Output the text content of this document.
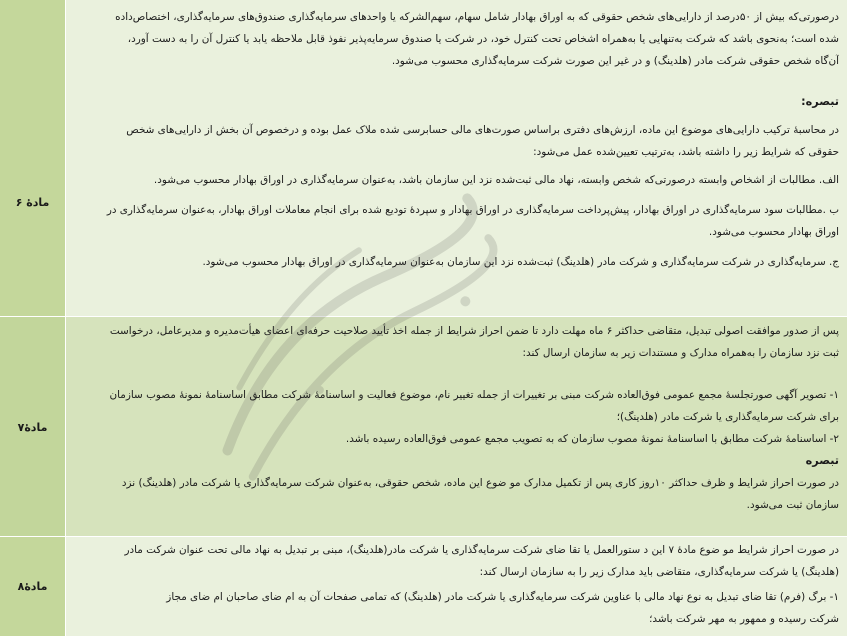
درصورتی‌که بیش از ۵۰درصد از دارایی‌های شخص حقوقی که به اوراق بهادار شامل سهام، سهم‌الشرکه یا واحدهای سرمایه‌گذاری صندوق‌های سرمایه‌گذاری، اختصاص‌داده

شده است؛ به‌نحوی باشد که شرکت به‌تنهایی یا به‌همراه اشخاص تحت کنترل خود، در شرکت یا صندوق سرمایه‌پذیر نفوذ قابل ملاحظه یابد یا کنترل آن را به دست آورد،

آن‌گاه شخص حقوقی شرکت مادر (هلدینگ) و در غیر این صورت شرکت سرمایه‌گذاری محسوب می‌شود.

تبصره:

در محاسبۀ ترکیب دارایی‌های موضوع این ماده، ارزش‌های دفتری براساس صورت‌های مالی حسابرسی شده ملاک عمل بوده و درخصوص آن بخش از دارایی‌های شخص

حقوقی که شرایط زیر را داشته باشد، به‌ترتیب تعیین‌شده عمل می‌شود:

الف. مطالبات از اشخاص وابسته درصورتی‌که شخص وابسته، نهاد مالی ثبت‌شده نزد این سازمان باشد، به‌عنوان سرمایه‌گذاری در اوراق بهادار محسوب می‌شود.

ب .مطالبات سود سرمایه‌گذاری در اوراق بهادار، پیش‌پرداخت سرمایه‌گذاری در اوراق بهادار و سپردۀ تودیع شده برای انجام معاملات اوراق بهادار، به‌عنوان سرمایه‌گذاری در

اوراق بهادار محسوب می‌شود.

ج. سرمایه‌گذاری در شرکت سرمایه‌گذاری و شرکت مادر (هلدینگ) ثبت‌شده نزد این سازمان به‌عنوان سرمایه‌گذاری در اوراق بهادار محسوب می‌شود.

مادۀ ۶

پس از صدور موافقت اصولی تبدیل، متقاضی حداکثر ۶ ماه مهلت دارد تا ضمن احراز شرایط از جمله اخذ تأیید صلاحیت حرفه‌ای اعضای هیأت‌مدیره و مدیرعامل، درخواست

ثبت نزد سازمان را به‌همراه مدارک و مستندات زیر به سازمان ارسال کند:

۱- تصویر آگهی صورتجلسۀ مجمع عمومی فوق‌العاده شرکت مبنی بر تغییرات از جمله تغییر نام، موضوع فعالیت و اساسنامۀ شرکت مطابق اساسنامۀ نمونۀ مصوب سازمان

برای شرکت سرمایه‌گذاری یا شرکت مادر (هلدینگ)؛

۲- اساسنامۀ شرکت مطابق با اساسنامۀ نمونۀ مصوب سازمان که به تصویب مجمع عمومی فوق‌العاده رسیده باشد.

تبصره

در صورت احراز شرایط و ظرف حداکثر ۱۰روز کاری پس از تکمیل مدارک مو ضوع این ماده، شخص حقوقی، به‌عنوان شرکت سرمایه‌گذاری یا شرکت مادر (هلدینگ) نزد

سازمان ثبت می‌شود.

مادۀ۷

در صورت احراز شرایط مو ضوع مادۀ ۷ این د ستورالعمل یا تقا ضای شرکت سرمایه‌گذاری یا شرکت مادر(هلدینگ)، مبنی بر تبدیل به نهاد مالی تحت عنوان شرکت مادر

(هلدینگ) یا شرکت سرمایه‌گذاری، متقاضی باید مدارک زیر را به سازمان ارسال کند:

۱- برگ (فرم) تقا ضای تبدیل به نوع نهاد مالی با عناوین شرکت سرمایه‌گذاری یا شرکت مادر (هلدینگ) که تمامی صفحات آن به ام ضای صاحبان ام ضای مجاز

شرکت رسیده و ممهور به مهر شرکت باشد؛

مادۀ۸
